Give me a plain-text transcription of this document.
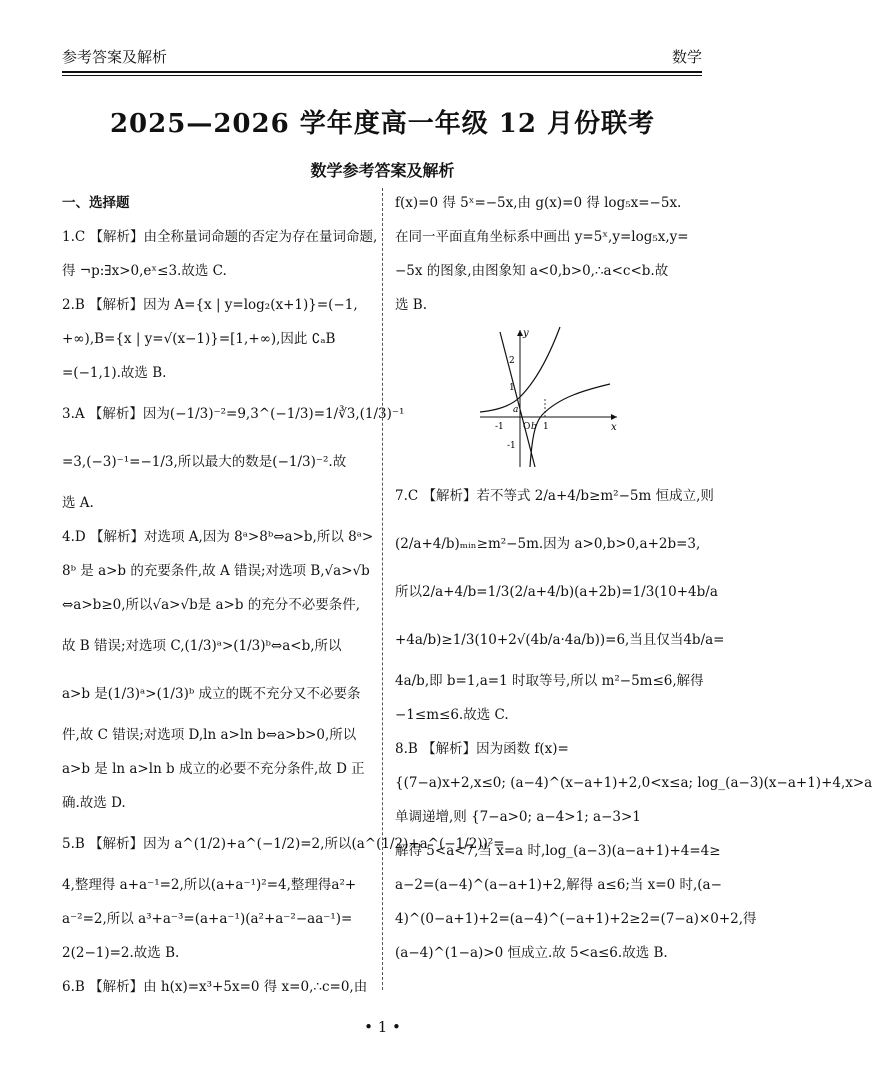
参考答案及解析	数学
2025—2026 学年度高一年级 12 月份联考
数学参考答案及解析
一、选择题
1.C 【解析】由全称量词命题的否定为存在量词命题,
得 ¬p:∃x>0,eˣ≤3.故选 C.
2.B 【解析】因为 A={x | y=log₂(x+1)}=(−1,
+∞),B={x | y=√(x−1)}=[1,+∞),因此 ∁ₐB
=(−1,1).故选 B.
3.A 【解析】因为(−1/3)⁻²=9,3^(−1/3)=1/∛3,(1/3)⁻¹
=3,(−3)⁻¹=−1/3,所以最大的数是(−1/3)⁻².故
选 A.
4.D 【解析】对选项 A,因为 8ᵃ>8ᵇ⇔a>b,所以 8ᵃ>
8ᵇ 是 a>b 的充要条件,故 A 错误;对选项 B,√a>√b
⇔a>b≥0,所以√a>√b是 a>b 的充分不必要条件,
故 B 错误;对选项 C,(1/3)ᵃ>(1/3)ᵇ⇔a<b,所以
a>b 是(1/3)ᵃ>(1/3)ᵇ 成立的既不充分又不必要条
件,故 C 错误;对选项 D,ln a>ln b⇔a>b>0,所以
a>b 是 ln a>ln b 成立的必要不充分条件,故 D 正
确.故选 D.
5.B 【解析】因为 a^(1/2)+a^(−1/2)=2,所以(a^(1/2)+a^(−1/2))²=
4,整理得 a+a⁻¹=2,所以(a+a⁻¹)²=4,整理得a²+
a⁻²=2,所以 a³+a⁻³=(a+a⁻¹)(a²+a⁻²−aa⁻¹)=
2(2−1)=2.故选 B.
6.B 【解析】由 h(x)=x³+5x=0 得 x=0,∴c=0,由
f(x)=0 得 5ˣ=−5x,由 g(x)=0 得 log₅x=−5x.
在同一平面直角坐标系中画出 y=5ˣ,y=log₅x,y=
−5x 的图象,由图象知 a<0,b>0,∴a<c<b.故
选 B.
y
x
2
1
-1	1
-1
a
O b
7.C 【解析】若不等式 2/a+4/b≥m²−5m 恒成立,则
(2/a+4/b)ₘᵢₙ≥m²−5m.因为 a>0,b>0,a+2b=3,
所以2/a+4/b=1/3(2/a+4/b)(a+2b)=1/3(10+4b/a
+4a/b)≥1/3(10+2√(4b/a·4a/b))=6,当且仅当4b/a=
4a/b,即 b=1,a=1 时取等号,所以 m²−5m≤6,解得
−1≤m≤6.故选 C.
8.B 【解析】因为函数 f(x)=
{(7−a)x+2,x≤0; (a−4)^(x−a+1)+2,0<x≤a; log_(a−3)(x−a+1)+4,x>a
单调递增,则 {7−a>0; a−4>1; a−3>1
解得 5<a<7,当 x=a 时,log_(a−3)(a−a+1)+4=4≥
a−2=(a−4)^(a−a+1)+2,解得 a≤6;当 x=0 时,(a−
4)^(0−a+1)+2=(a−4)^(−a+1)+2≥2=(7−a)×0+2,得
(a−4)^(1−a)>0 恒成立.故 5<a≤6.故选 B.
• 1 •
